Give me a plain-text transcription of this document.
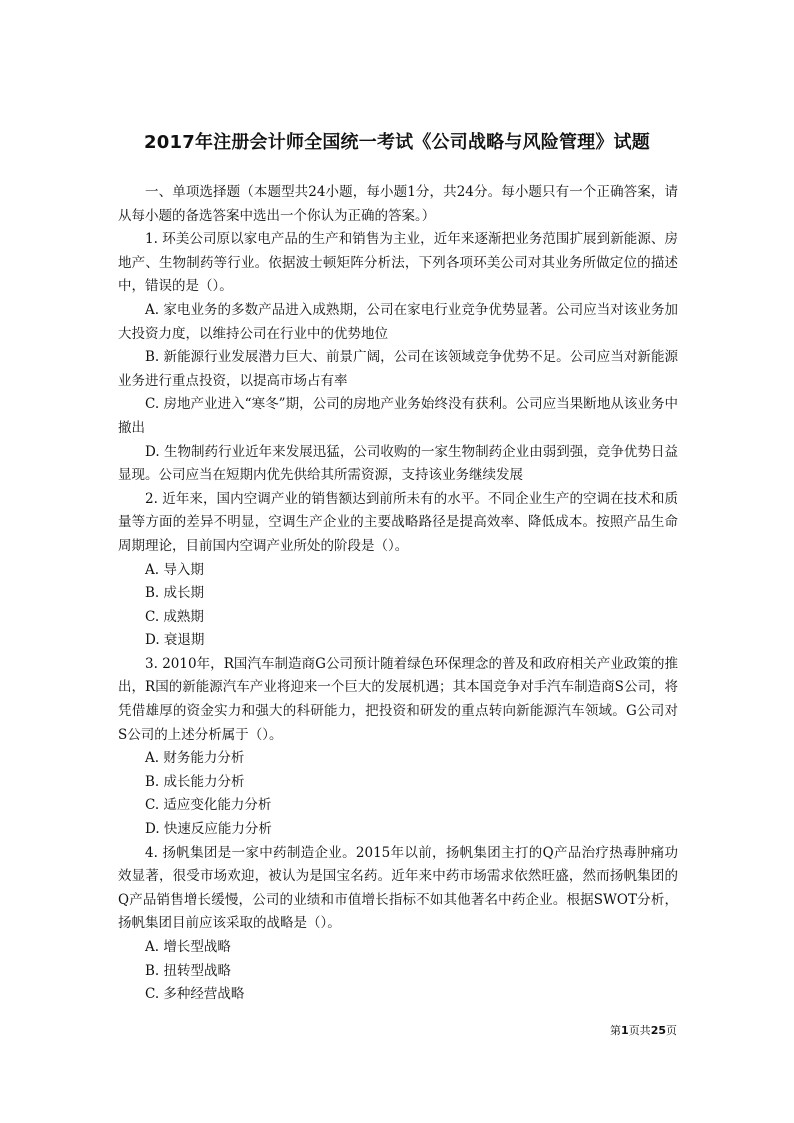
2017年注册会计师全国统一考试《公司战略与风险管理》试题

一、单项选择题（本题型共24小题，每小题1分，共24分。每小题只有一个正确答案，请从每小题的备选答案中选出一个你认为正确的答案。）

1. 环美公司原以家电产品的生产和销售为主业，近年来逐渐把业务范围扩展到新能源、房地产、生物制药等行业。依据波士顿矩阵分析法，下列各项环美公司对其业务所做定位的描述中，错误的是（）。

A. 家电业务的多数产品进入成熟期，公司在家电行业竞争优势显著。公司应当对该业务加大投资力度，以维持公司在行业中的优势地位

B. 新能源行业发展潜力巨大、前景广阔，公司在该领域竞争优势不足。公司应当对新能源业务进行重点投资，以提高市场占有率

C. 房地产业进入“寒冬”期，公司的房地产业务始终没有获利。公司应当果断地从该业务中撤出

D. 生物制药行业近年来发展迅猛，公司收购的一家生物制药企业由弱到强，竞争优势日益显现。公司应当在短期内优先供给其所需资源，支持该业务继续发展

2. 近年来，国内空调产业的销售额达到前所未有的水平。不同企业生产的空调在技术和质量等方面的差异不明显，空调生产企业的主要战略路径是提高效率、降低成本。按照产品生命周期理论，目前国内空调产业所处的阶段是（）。

A. 导入期

B. 成长期

C. 成熟期

D. 衰退期

3. 2010年，R国汽车制造商G公司预计随着绿色环保理念的普及和政府相关产业政策的推出，R国的新能源汽车产业将迎来一个巨大的发展机遇；其本国竞争对手汽车制造商S公司，将凭借雄厚的资金实力和强大的科研能力，把投资和研发的重点转向新能源汽车领域。G公司对S公司的上述分析属于（）。

A. 财务能力分析

B. 成长能力分析

C. 适应变化能力分析

D. 快速反应能力分析

4. 扬帆集团是一家中药制造企业。2015年以前，扬帆集团主打的Q产品治疗热毒肿痛功效显著，很受市场欢迎，被认为是国宝名药。近年来中药市场需求依然旺盛，然而扬帆集团的Q产品销售增长缓慢，公司的业绩和市值增长指标不如其他著名中药企业。根据SWOT分析，扬帆集团目前应该采取的战略是（）。

A. 增长型战略

B. 扭转型战略

C. 多种经营战略

第1页共25页
